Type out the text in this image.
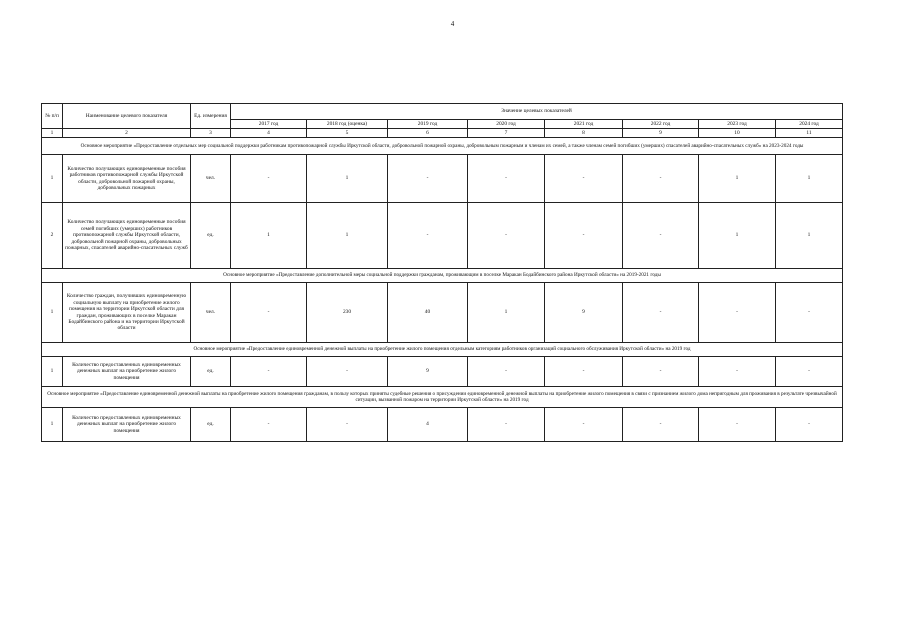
4
№ п/п	Наименование целевого показателя	Ед. измерения	Значение целевых показателей							
			2017 год	2018 год (оценка)	2019 год	2020 год	2021 год	2022 год	2023 год	2024 год
1	2	3	4	5	6	7	8	9	10	11
Основное мероприятие «Предоставление отдельных мер социальной поддержки работникам противопожарной службы Иркутской области, добровольной пожарной охраны, добровольным пожарным и членам их семей, а также членам семей погибших (умерших) спасателей аварийно-спасательных служб» на 2023-2024 годы										
1	Количество получающих единовременные пособия работников противопожарной службы Иркутской области, добровольной пожарной охраны, добровольных пожарных	чел.	-	1	-	-	-	-	1	1
2	Количество получающих единовременные пособия семей погибших (умерших) работников противопожарной службы Иркутской области, добровольной пожарной охраны, добровольных пожарных, спасателей аварийно-спасательных служб	ед.	1	1	-	-	-	-	1	1
Основное мероприятие «Предоставление дополнительной меры социальной поддержки гражданам, проживающим в поселке Маракан Бодайбинского района Иркутской области» на 2019-2021 годы										
1	Количество граждан, получивших единовременную социальную выплату на приобретение жилого помещения на территории Иркутской области для граждан, проживающих в поселке Маракан Бодайбинского района и на территории Иркутской области	чел.	-	230	40	1	9	-	-	-
Основное мероприятие «Предоставление единовременной денежной выплаты на приобретение жилого помещения отдельным категориям работников организаций социального обслуживания Иркутской области» на 2019 год										
1	Количество предоставленных единовременных денежных выплат на приобретение жилого помещения	ед.	-	-	9	-	-	-	-	-
Основное мероприятие «Предоставление единовременной денежной выплаты на приобретение жилого помещения гражданам, в пользу которых приняты судебные решения о присуждении единовременной денежной выплаты на приобретение жилого помещения в связи с признанием жилого дома непригодным для проживания в результате чрезвычайной ситуации, вызванной пожаром на территории Иркутской области» на 2019 год										
1	Количество предоставленных единовременных денежных выплат на приобретение жилого помещения	ед.	-	-	4	-	-	-	-	-
